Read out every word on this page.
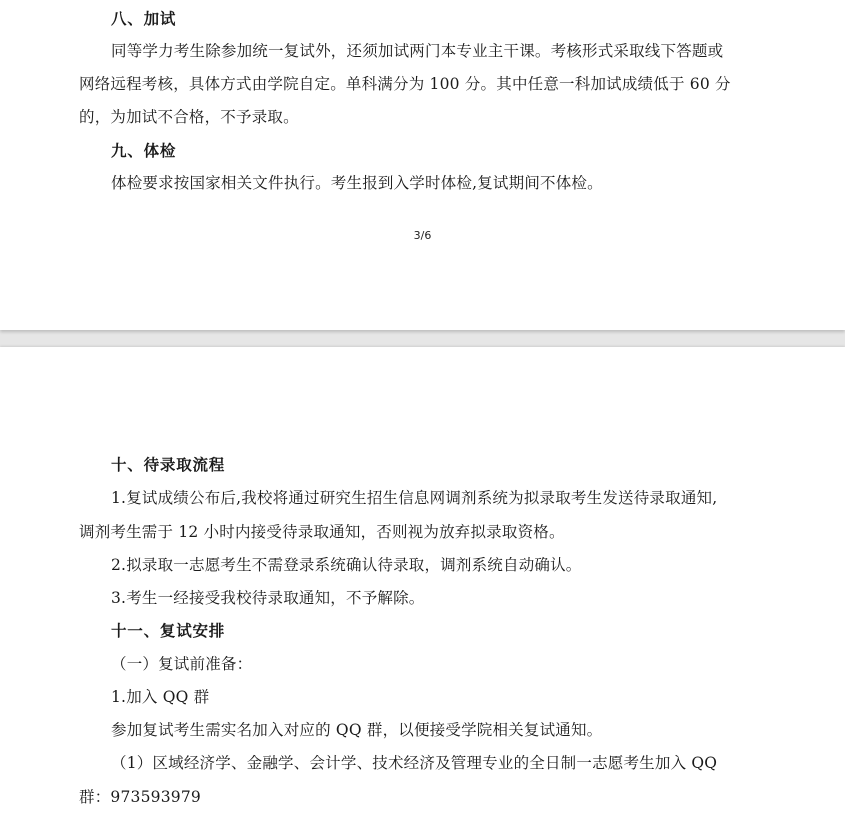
八、加试
同等学力考生除参加统一复试外，还须加试两门本专业主干课。考核形式采取线下答题或
网络远程考核，具体方式由学院自定。单科满分为 100 分。其中任意一科加试成绩低于 60 分
的，为加试不合格，不予录取。
九、体检
体检要求按国家相关文件执行。考生报到入学时体检,复试期间不体检。
3/6
十、待录取流程
1.复试成绩公布后,我校将通过研究生招生信息网调剂系统为拟录取考生发送待录取通知,
调剂考生需于 12 小时内接受待录取通知，否则视为放弃拟录取资格。
2.拟录取一志愿考生不需登录系统确认待录取，调剂系统自动确认。
3.考生一经接受我校待录取通知，不予解除。
十一、复试安排
（一）复试前准备：
1.加入 QQ 群
参加复试考生需实名加入对应的 QQ 群，以便接受学院相关复试通知。
（1）区域经济学、金融学、会计学、技术经济及管理专业的全日制一志愿考生加入 QQ
群：973593979
